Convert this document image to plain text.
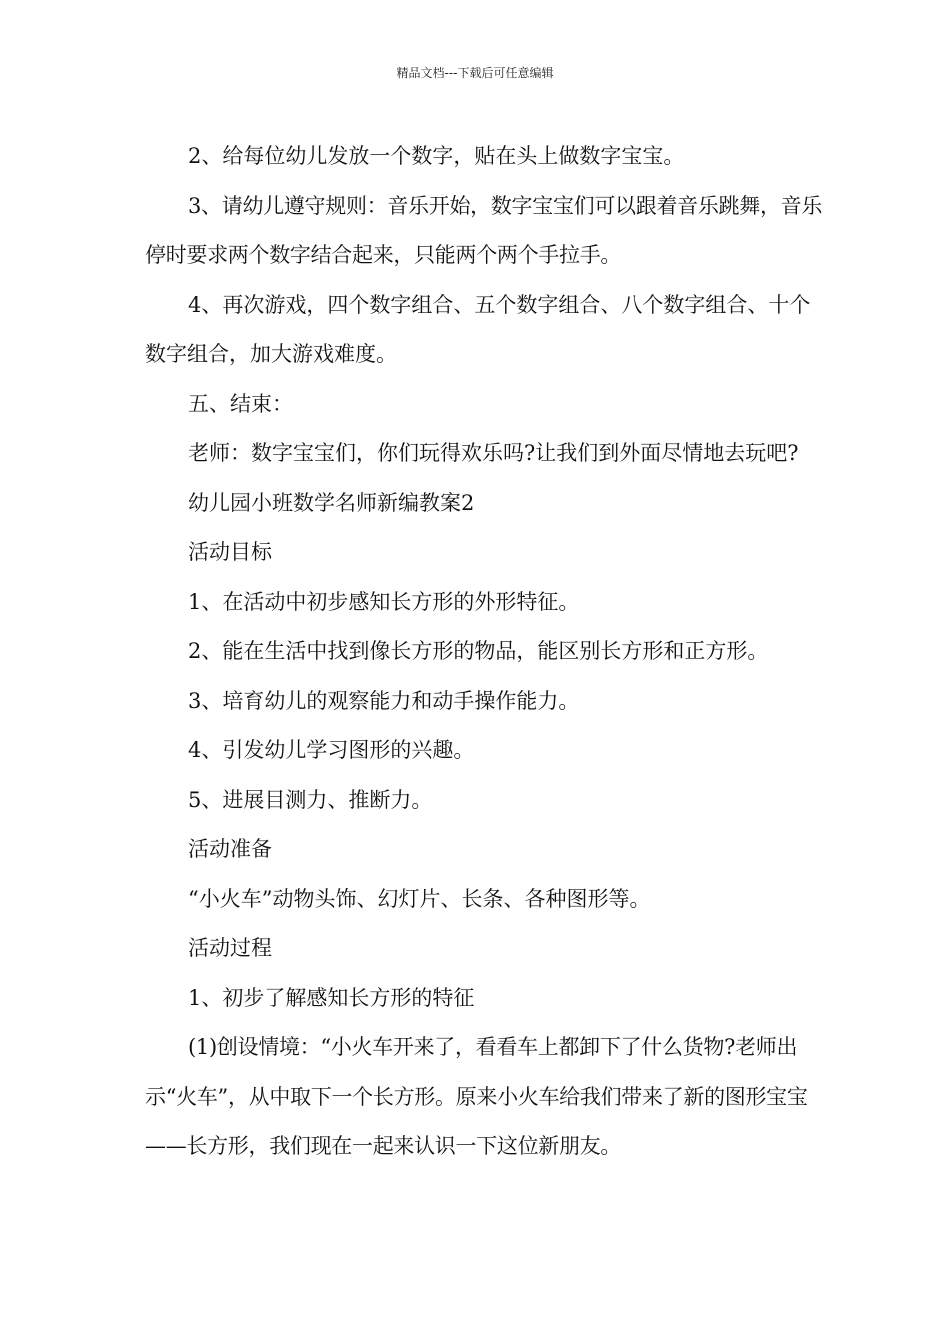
精品文档---下载后可任意编辑

2、给每位幼儿发放一个数字，贴在头上做数字宝宝。

3、请幼儿遵守规则：音乐开始，数字宝宝们可以跟着音乐跳舞，音乐停时要求两个数字结合起来，只能两个两个手拉手。

4、再次游戏，四个数字组合、五个数字组合、八个数字组合、十个数字组合，加大游戏难度。

五、结束：

老师：数字宝宝们，你们玩得欢乐吗?让我们到外面尽情地去玩吧?

幼儿园小班数学名师新编教案2

活动目标

1、在活动中初步感知长方形的外形特征。

2、能在生活中找到像长方形的物品，能区别长方形和正方形。

3、培育幼儿的观察能力和动手操作能力。

4、引发幼儿学习图形的兴趣。

5、进展目测力、推断力。

活动准备

“小火车”动物头饰、幻灯片、长条、各种图形等。

活动过程

1、初步了解感知长方形的特征

(1)创设情境：“小火车开来了，看看车上都卸下了什么货物?老师出示“火车”，从中取下一个长方形。原来小火车给我们带来了新的图形宝宝——长方形，我们现在一起来认识一下这位新朋友。
